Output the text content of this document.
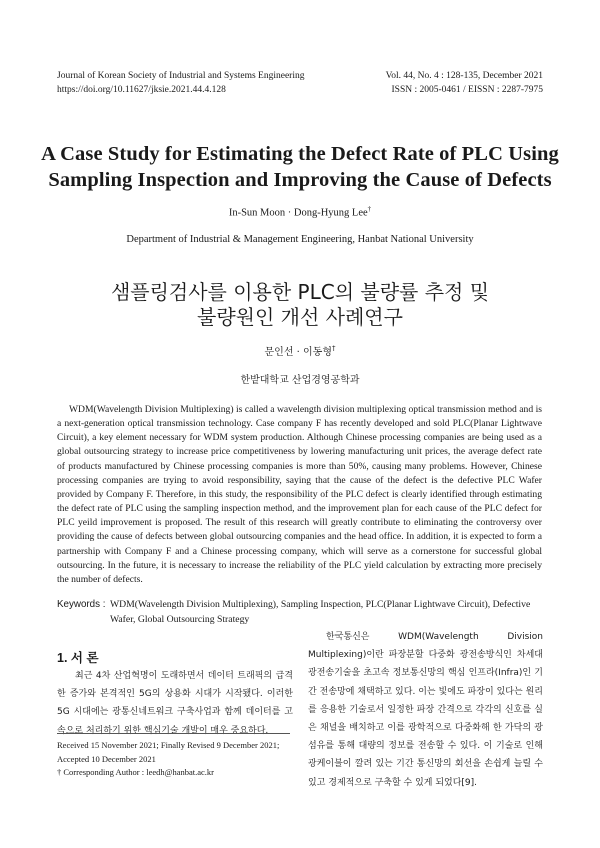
Journal of Korean Society of Industrial and Systems Engineering
https://doi.org/10.11627/jksie.2021.44.4.128
Vol. 44, No. 4 : 128-135, December 2021
ISSN : 2005-0461 / EISSN : 2287-7975
A Case Study for Estimating the Defect Rate of PLC Using
Sampling Inspection and Improving the Cause of Defects
In-Sun Moon · Dong-Hyung Lee†
Department of Industrial & Management Engineering, Hanbat National University
샘플링검사를 이용한 PLC의 불량률 추정 및
불량원인 개선 사례연구
문인선 · 이동형†
한밭대학교 산업경영공학과

WDM(Wavelength Division Multiplexing) is called a wavelength division multiplexing optical transmission method and is a next-generation optical transmission technology. Case company F has recently developed and sold PLC(Planar Lightwave Circuit), a key element necessary for WDM system production. Although Chinese processing companies are being used as a global outsourcing strategy to increase price competitiveness by lowering manufacturing unit prices, the average defect rate of products manufactured by Chinese processing companies is more than 50%, causing many problems. However, Chinese processing companies are trying to avoid responsibility, saying that the cause of the defect is the defective PLC Wafer provided by Company F. Therefore, in this study, the responsibility of the PLC defect is clearly identified through estimating the defect rate of PLC using the sampling inspection method, and the improvement plan for each cause of the PLC defect for PLC yeild improvement is proposed. The result of this research will greatly contribute to eliminating the controversy over providing the cause of defects between global outsourcing companies and the head office. In addition, it is expected to form a partnership with Company F and a Chinese processing company, which will serve as a cornerstone for successful global outsourcing. In the future, it is necessary to increase the reliability of the PLC yield calculation by extracting more precisely the number of defects.

Keywords : WDM(Wavelength Division Multiplexing), Sampling Inspection, PLC(Planar Lightwave Circuit), Defective Wafer, Global Outsourcing Strategy
1. 서 론

최근 4차 산업혁명이 도래하면서 데이터 트래픽의 급격한 증가와 본격적인 5G의 상용화 시대가 시작됐다. 이러한 5G 시대에는 광통신네트워크 구축사업과 함께 데이터를 고속으로 처리하기 위한 핵심기술 개발이 매우 중요하다.

Received 15 November 2021; Finally Revised 9 December 2021; Accepted 10 December 2021
† Corresponding Author : leedh@hanbat.ac.kr

한국통신은 WDM(Wavelength Division Multiplexing)이란 파장분할 다중화 광전송방식인 차세대 광전송기술을 초고속 정보통신망의 핵심 인프라(Infra)인 기간 전송망에 채택하고 있다. 이는 빛에도 파장이 있다는 원리를 응용한 기술로서 일정한 파장 간격으로 각각의 신호를 실은 채널을 배치하고 이를 광학적으로 다중화해 한 가닥의 광섬유를 통해 대량의 정보를 전송할 수 있다. 이 기술로 인해 광케이블이 깔려 있는 기간 통신망의 회선을 손쉽게 늘릴 수 있고 경제적으로 구축할 수 있게 되었다[9].
